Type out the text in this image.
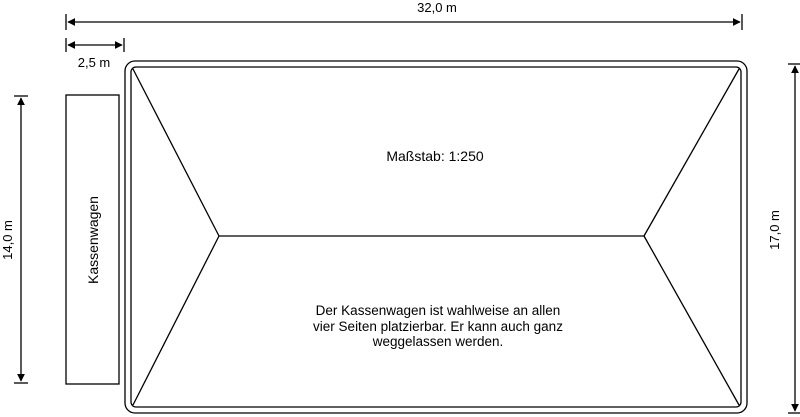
32,0 m
2,5 m
14,0 m	17,0 m
Kassenwagen
Maßstab: 1:250
Der Kassenwagen ist wahlweise an allen
vier Seiten platzierbar. Er kann auch ganz
weggelassen werden.
